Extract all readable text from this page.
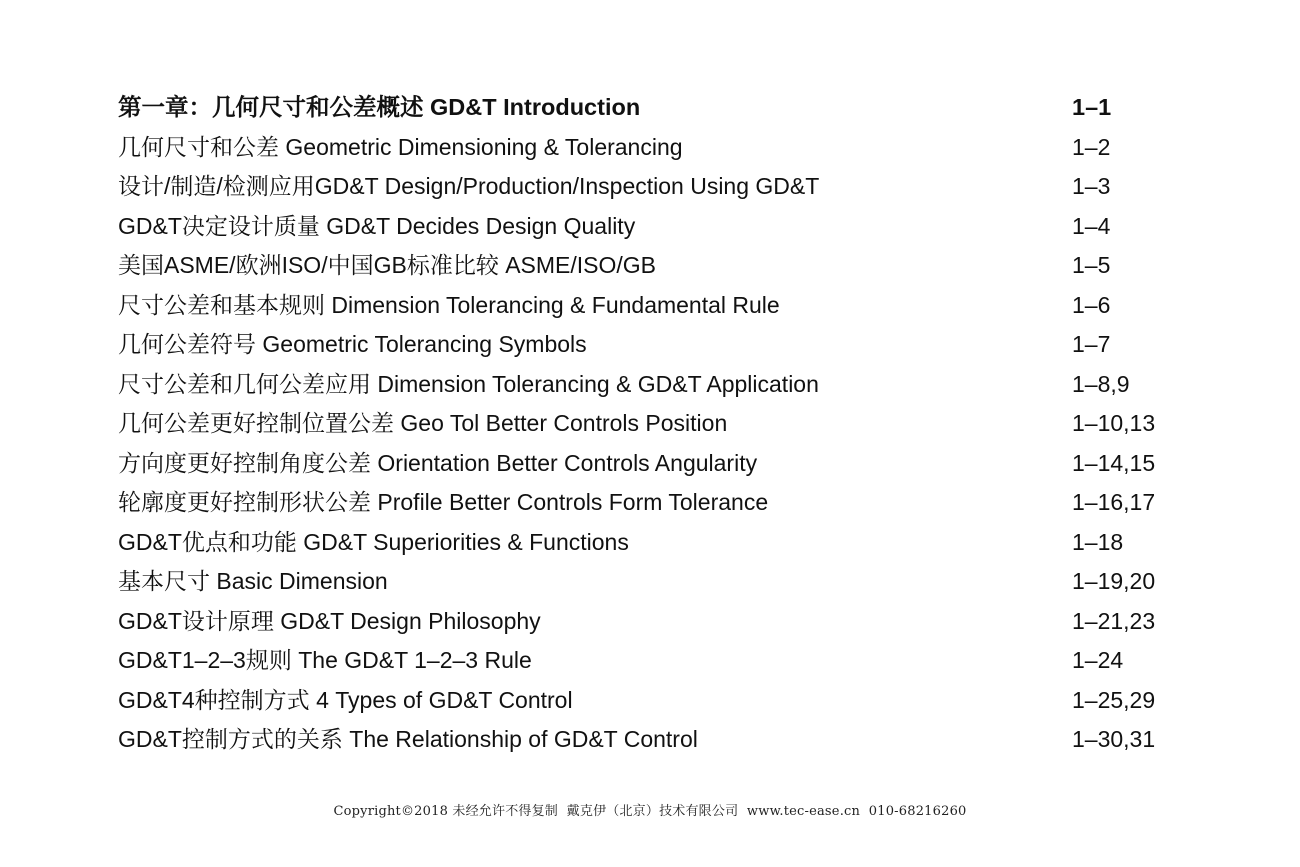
第一章：几何尺寸和公差概述 GD&T Introduction	1–1
几何尺寸和公差 Geometric Dimensioning & Tolerancing	1–2
设计/制造/检测应用GD&T Design/Production/Inspection Using GD&T	1–3
GD&T决定设计质量 GD&T Decides Design Quality	1–4
美国ASME/欧洲ISO/中国GB标准比较 ASME/ISO/GB	1–5
尺寸公差和基本规则 Dimension Tolerancing & Fundamental Rule	1–6
几何公差符号 Geometric Tolerancing Symbols	1–7
尺寸公差和几何公差应用 Dimension Tolerancing & GD&T Application	1–8,9
几何公差更好控制位置公差 Geo Tol Better Controls Position	1–10,13
方向度更好控制角度公差 Orientation Better Controls Angularity	1–14,15
轮廓度更好控制形状公差 Profile Better Controls Form Tolerance	1–16,17
GD&T优点和功能 GD&T Superiorities & Functions	1–18
基本尺寸 Basic Dimension	1–19,20
GD&T设计原理 GD&T Design Philosophy	1–21,23
GD&T1–2–3规则 The GD&T 1–2–3 Rule	1–24
GD&T4种控制方式 4 Types of GD&T Control	1–25,29
GD&T控制方式的关系 The Relationship of GD&T Control	1–30,31
Copyright©2018 未经允许不得复制  戴克伊（北京）技术有限公司  www.tec-ease.cn  010-68216260
